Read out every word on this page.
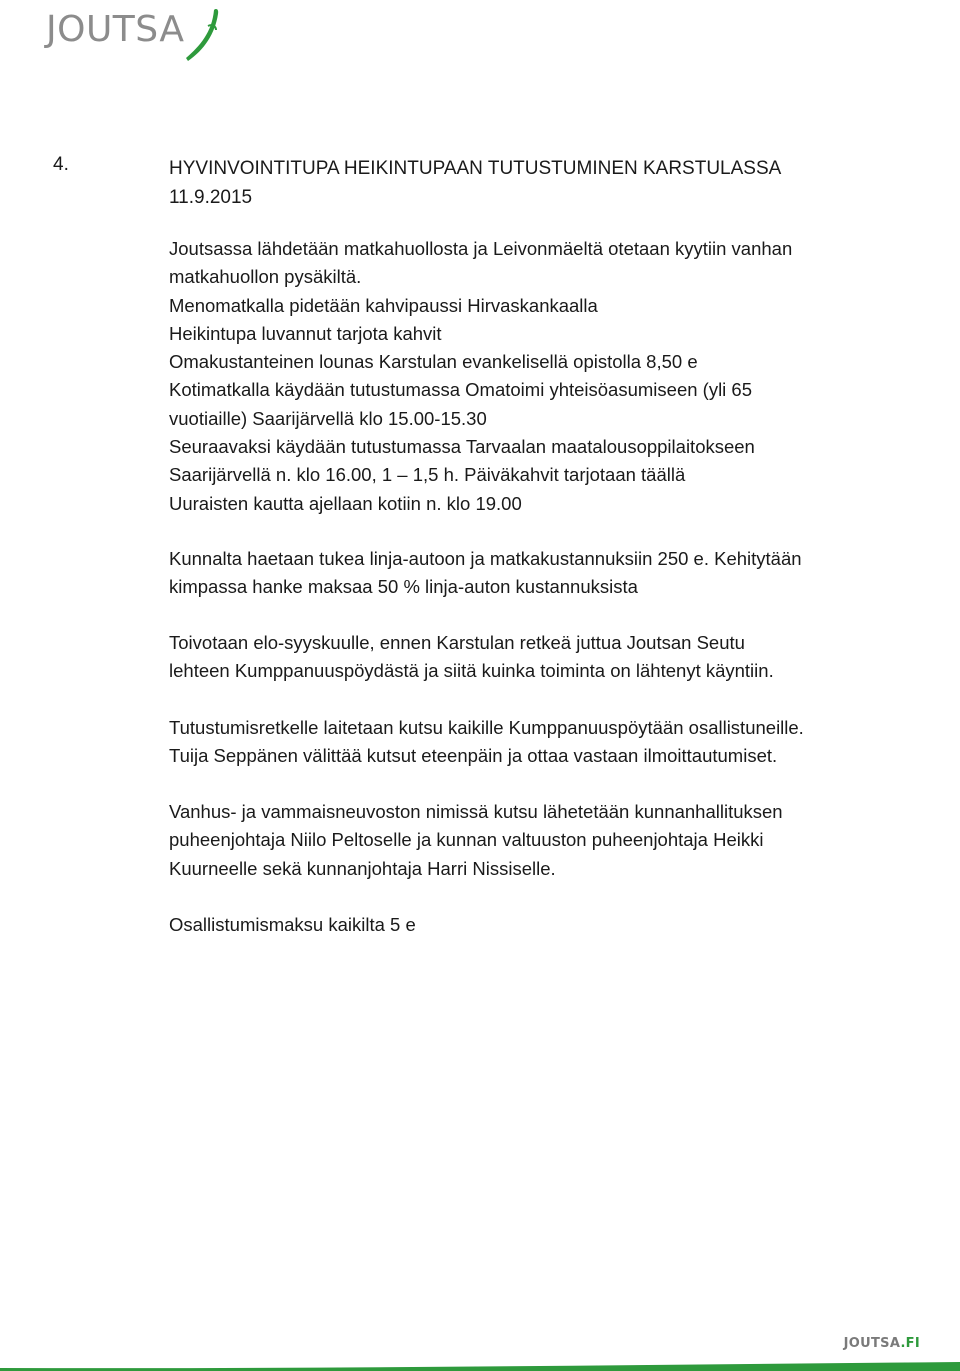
JOUTSA
4.	HYVINVOINTITUPA HEIKINTUPAAN TUTUSTUMINEN KARSTULASSA
11.9.2015
Joutsassa lähdetään matkahuollosta ja Leivonmäeltä otetaan kyytiin vanhan
matkahuollon pysäkiltä.
Menomatkalla pidetään kahvipaussi Hirvaskankaalla
Heikintupa luvannut tarjota kahvit
Omakustanteinen lounas Karstulan evankelisellä opistolla 8,50 e
Kotimatkalla käydään tutustumassa Omatoimi yhteisöasumiseen (yli 65
vuotiaille) Saarijärvellä klo 15.00-15.30
Seuraavaksi käydään tutustumassa Tarvaalan maatalousoppilaitokseen
Saarijärvellä n. klo 16.00, 1 – 1,5 h. Päiväkahvit tarjotaan täällä
Uuraisten kautta ajellaan kotiin n. klo 19.00
Kunnalta haetaan tukea linja-autoon ja matkakustannuksiin 250 e. Kehitytään
kimpassa hanke maksaa 50 % linja-auton kustannuksista
Toivotaan elo-syyskuulle, ennen Karstulan retkeä juttua Joutsan Seutu
lehteen Kumppanuuspöydästä ja siitä kuinka toiminta on lähtenyt käyntiin.
Tutustumisretkelle laitetaan kutsu kaikille Kumppanuuspöytään osallistuneille.
Tuija Seppänen välittää kutsut eteenpäin ja ottaa vastaan ilmoittautumiset.
Vanhus- ja vammaisneuvoston nimissä kutsu lähetetään kunnanhallituksen
puheenjohtaja Niilo Peltoselle ja kunnan valtuuston puheenjohtaja Heikki
Kuurneelle sekä kunnanjohtaja Harri Nissiselle.
Osallistumismaksu kaikilta 5 e
JOUTSA.FI
